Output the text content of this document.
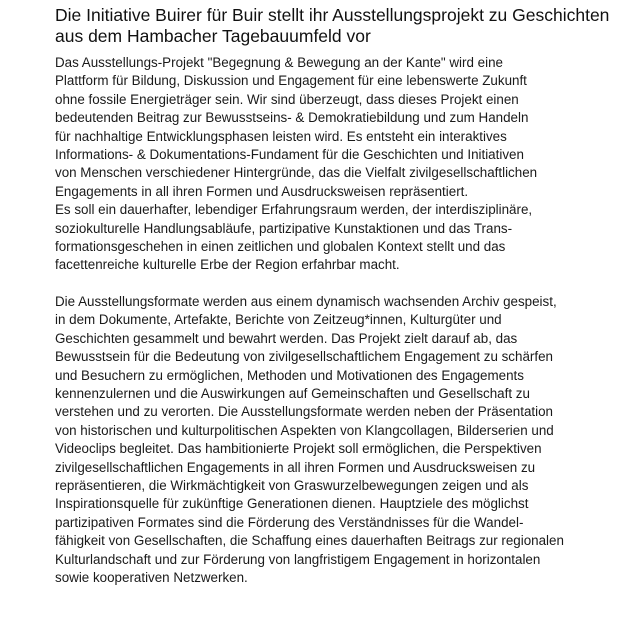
Die Initiative Buirer für Buir stellt ihr Ausstellungsprojekt zu Geschichten
aus dem Hambacher Tagebauumfeld vor

Das Ausstellungs-Projekt "Begegnung & Bewegung an der Kante" wird eine
Plattform für Bildung, Diskussion und Engagement für eine lebenswerte Zukunft
ohne fossile Energieträger sein. Wir sind überzeugt, dass dieses Projekt einen
bedeutenden Beitrag zur Bewusstseins- & Demokratiebildung und zum Handeln
für nachhaltige Entwicklungsphasen leisten wird. Es entsteht ein interaktives
Informations- & Dokumentations-Fundament für die Geschichten und Initiativen
von Menschen verschiedener Hintergründe, das die Vielfalt zivilgesellschaftlichen
Engagements in all ihren Formen und Ausdrucksweisen repräsentiert.
Es soll ein dauerhafter, lebendiger Erfahrungsraum werden, der interdisziplinäre,
soziokulturelle Handlungsabläufe, partizipative Kunstaktionen und das Trans-
formationsgeschehen in einen zeitlichen und globalen Kontext stellt und das
facettenreiche kulturelle Erbe der Region erfahrbar macht.

Die Ausstellungsformate werden aus einem dynamisch wachsenden Archiv gespeist,
in dem Dokumente, Artefakte, Berichte von Zeitzeug*innen, Kulturgüter und
Geschichten gesammelt und bewahrt werden. Das Projekt zielt darauf ab, das
Bewusstsein für die Bedeutung von zivilgesellschaftlichem Engagement zu schärfen
und Besuchern zu ermöglichen, Methoden und Motivationen des Engagements
kennenzulernen und die Auswirkungen auf Gemeinschaften und Gesellschaft zu
verstehen und zu verorten. Die Ausstellungsformate werden neben der Präsentation
von historischen und kulturpolitischen Aspekten von Klangcollagen, Bilderserien und
Videoclips begleitet. Das hambitionierte Projekt soll ermöglichen, die Perspektiven
zivilgesellschaftlichen Engagements in all ihren Formen und Ausdrucksweisen zu
repräsentieren, die Wirkmächtigkeit von Graswurzelbewegungen zeigen und als
Inspirationsquelle für zukünftige Generationen dienen. Hauptziele des möglichst
partizipativen Formates sind die Förderung des Verständnisses für die Wandel-
fähigkeit von Gesellschaften, die Schaffung eines dauerhaften Beitrags zur regionalen
Kulturlandschaft und zur Förderung von langfristigem Engagement in horizontalen
sowie kooperativen Netzwerken.
